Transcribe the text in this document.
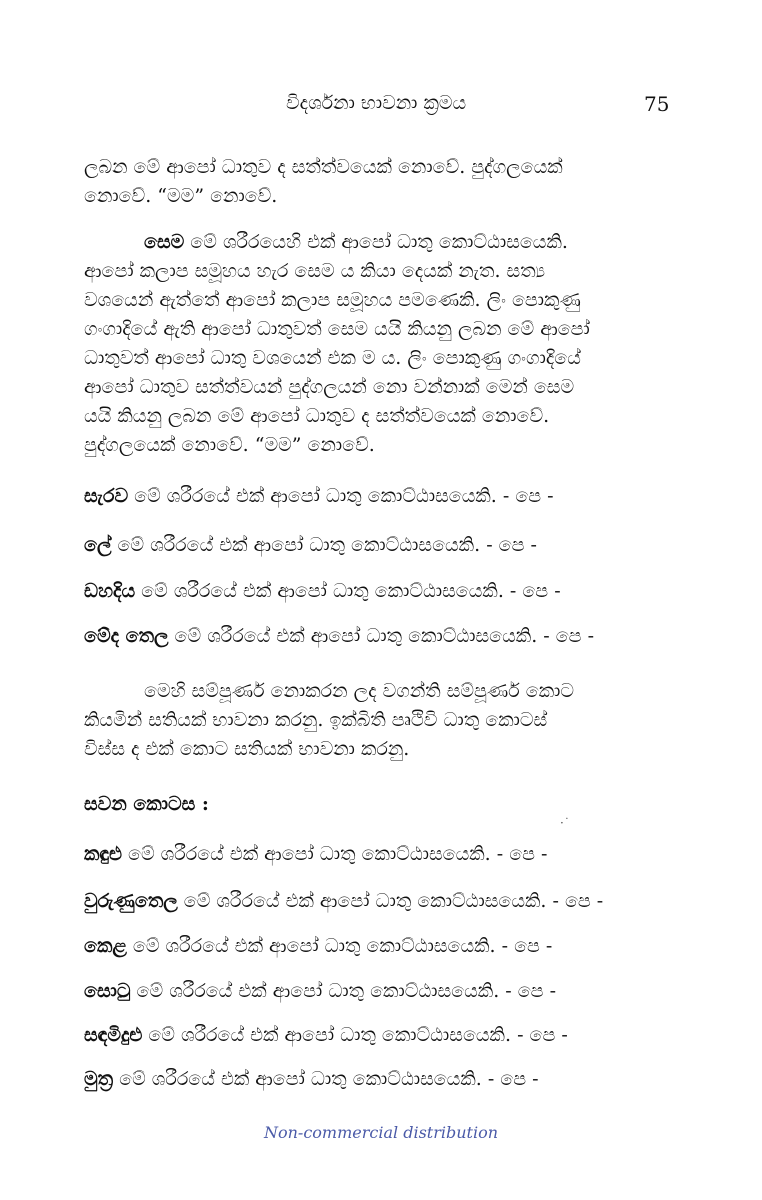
විදර්ශනා භාවනා ක්‍රමය	75
ලබන මේ ආපෝ ධාතුව ද සත්ත්වයෙක් නොවේ. පුද්ගලයෙක්
නොවේ. “මම” නොවේ.
සෙම මේ ශරීරයෙහි එක් ආපෝ ධාතු කොට්ඨාසයෙකි.
ආපෝ කලාප සමූහය හැර සෙම ය කියා දෙයක් නැත. සත්‍ය
වශයෙන් ඇත්තේ ආපෝ කලාප සමූහය පමණෙකි. ලිං පොකුණු
ගංගාදියේ ඇති ආපෝ ධාතුවත් සෙම යයි කියනු ලබන මේ ආපෝ
ධාතුවත් ආපෝ ධාතු වශයෙන් එක ම ය. ලිං පොකුණු ගංගාදියේ
ආපෝ ධාතුව සත්ත්වයන් පුද්ගලයන් නො වන්නාක් මෙන් සෙම
යයි කියනු ලබන මේ ආපෝ ධාතුව ද සත්ත්වයෙක් නොවේ.
පුද්ගලයෙක් නොවේ. “මම” නොවේ.
සැරව මේ ශරීරයේ එක් ආපෝ ධාතු කොට්ඨාසයෙකි. - පෙ -
ලේ මේ ශරීරයේ එක් ආපෝ ධාතු කොට්ඨාසයෙකි. - පෙ -
ඩහදිය මේ ශරීරයේ එක් ආපෝ ධාතු කොට්ඨාසයෙකි. - පෙ -
මේද තෙල මේ ශරීරයේ එක් ආපෝ ධාතු කොට්ඨාසයෙකි. - පෙ -
මෙහි සම්පූර්ණ නොකරන ලද වගන්ති සම්පූර්ණ කොට
කියමින් සතියක් භාවනා කරනු. ඉක්බිති පෘථිවි ධාතු කොටස්
විස්ස ද එක් කොට සතියක් භාවනා කරනු.
සවන කොටස :
·˙
කඳුළු මේ ශරීරයේ එක් ආපෝ ධාතු කොට්ඨාසයෙකි. - පෙ -
වුරුණුතෙල මේ ශරීරයේ එක් ආපෝ ධාතු කොට්ඨාසයෙකි. - පෙ -
කෙළ මේ ශරීරයේ එක් ආපෝ ධාතු කොට්ඨාසයෙකි. - පෙ -
සොටු මේ ශරීරයේ එක් ආපෝ ධාතු කොට්ඨාසයෙකි. - පෙ -
සඳමිදුළු මේ ශරීරයේ එක් ආපෝ ධාතු කොට්ඨාසයෙකි. - පෙ -
මුත්‍ර මේ ශරීරයේ එක් ආපෝ ධාතු කොට්ඨාසයෙකි. - පෙ -
Non-commercial distribution
